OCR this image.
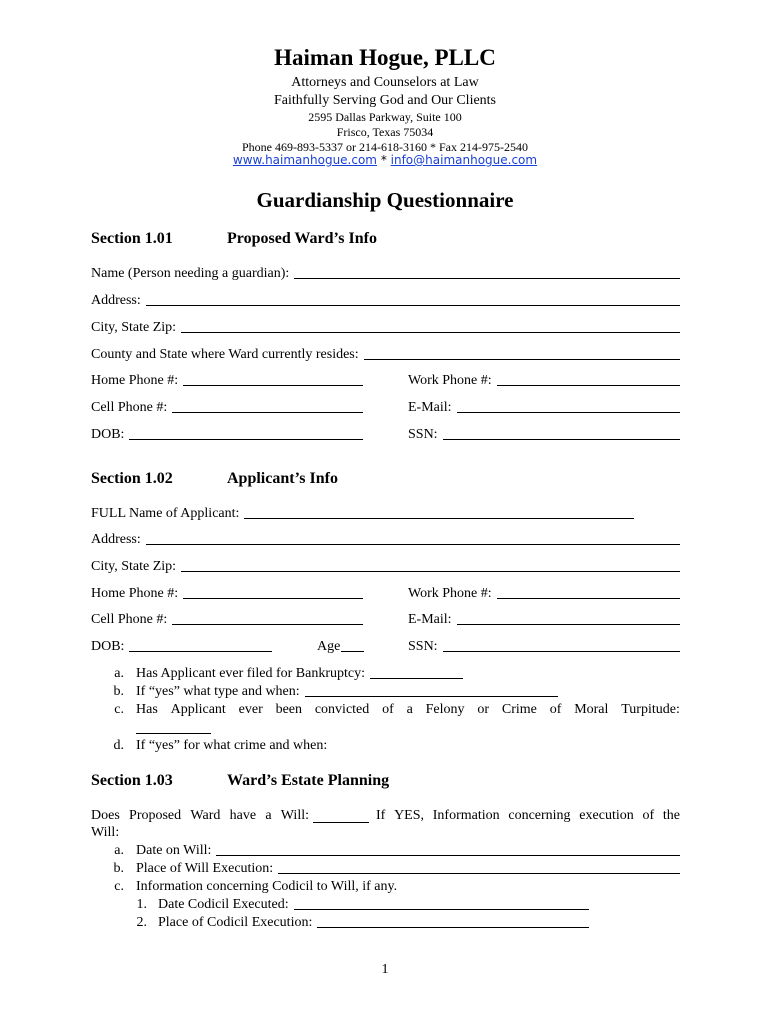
Haiman Hogue, PLLC
Attorneys and Counselors at Law
Faithfully Serving God and Our Clients
2595 Dallas Parkway, Suite 100
Frisco, Texas 75034
Phone 469-893-5337 or 214-618-3160 * Fax 214-975-2540
www.haimanhogue.com * info@haimanhogue.com
Guardianship Questionnaire
Section 1.01	Proposed Ward’s Info
Name (Person needing a guardian):
Address:
City, State Zip:
County and State where Ward currently resides:
Home Phone #:	Work Phone #:
Cell Phone #:	E-Mail:
DOB:	SSN:
Section 1.02	Applicant’s Info
FULL Name of Applicant:
Address:
City, State Zip:
Home Phone #:	Work Phone #:
Cell Phone #:	E-Mail:
DOB:	Age	SSN:
a. Has Applicant ever filed for Bankruptcy:
b. If “yes” what type and when:
c. Has Applicant ever been convicted of a Felony or Crime of Moral Turpitude:
d. If “yes” for what crime and when:
Section 1.03	Ward’s Estate Planning
Does Proposed Ward have a Will:	If YES, Information concerning execution of the
Will:
a. Date on Will:
b. Place of Will Execution:
c. Information concerning Codicil to Will, if any.
1. Date Codicil Executed:
2. Place of Codicil Execution:
1
